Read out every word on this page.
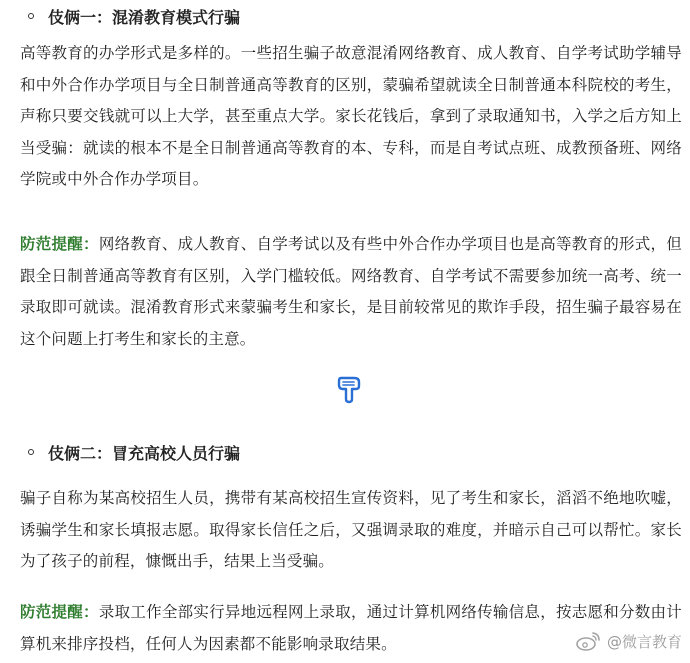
伎俩一：混淆教育模式行骗

高等教育的办学形式是多样的。一些招生骗子故意混淆网络教育、成人教育、自学考试助学辅导和中外合作办学项目与全日制普通高等教育的区别，蒙骗希望就读全日制普通本科院校的考生，声称只要交钱就可以上大学，甚至重点大学。家长花钱后，拿到了录取通知书，入学之后方知上当受骗：就读的根本不是全日制普通高等教育的本、专科，而是自考试点班、成教预备班、网络学院或中外合作办学项目。

防范提醒：网络教育、成人教育、自学考试以及有些中外合作办学项目也是高等教育的形式，但跟全日制普通高等教育有区别，入学门槛较低。网络教育、自学考试不需要参加统一高考、统一录取即可就读。混淆教育形式来蒙骗考生和家长，是目前较常见的欺诈手段，招生骗子最容易在这个问题上打考生和家长的主意。

伎俩二：冒充高校人员行骗

骗子自称为某高校招生人员，携带有某高校招生宣传资料，见了考生和家长，滔滔不绝地吹嘘，诱骗学生和家长填报志愿。取得家长信任之后，又强调录取的难度，并暗示自己可以帮忙。家长为了孩子的前程，慷慨出手，结果上当受骗。

防范提醒：录取工作全部实行异地远程网上录取，通过计算机网络传输信息，按志愿和分数由计算机来排序投档，任何人为因素都不能影响录取结果。	@微言教育
